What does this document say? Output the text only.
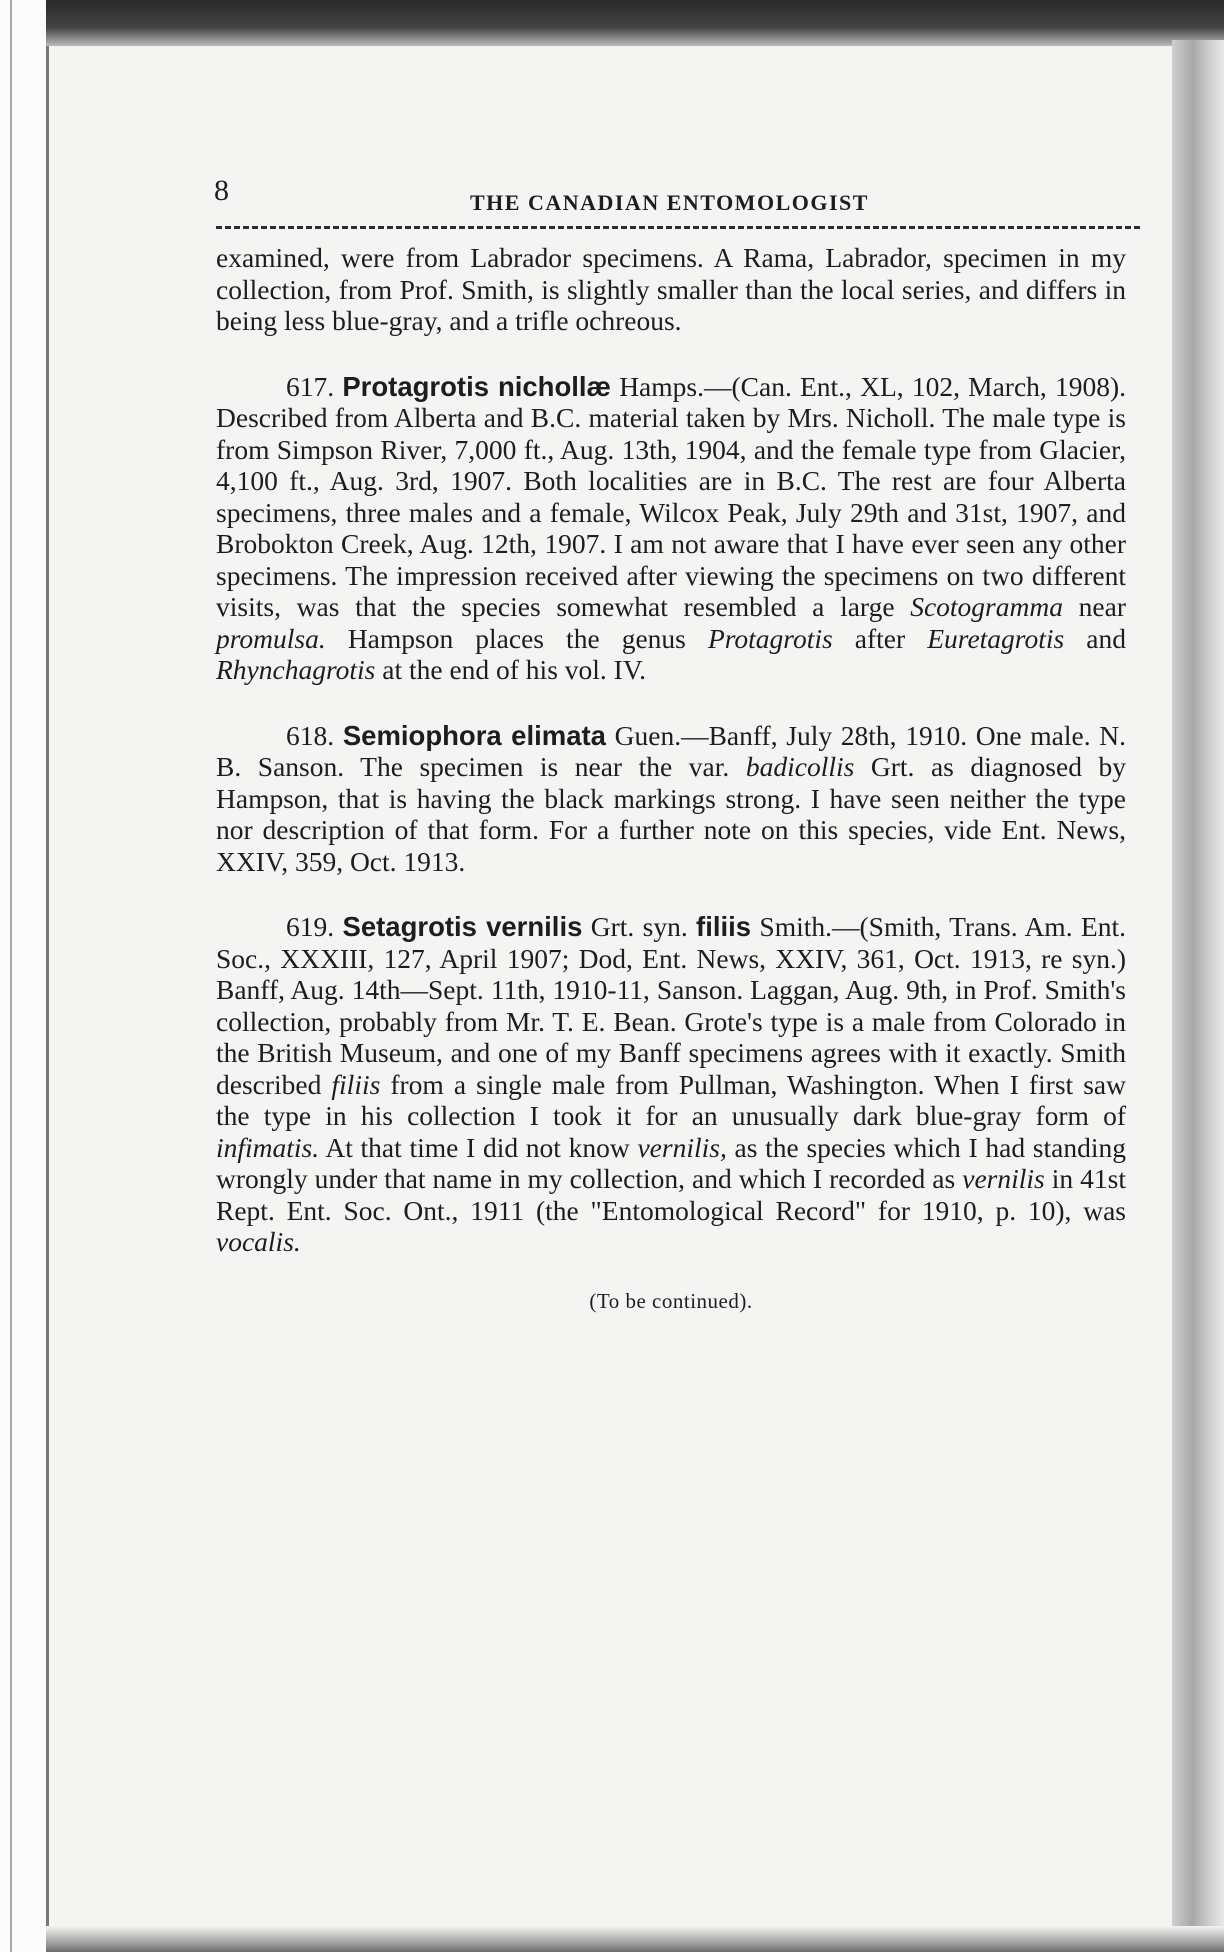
8	THE CANADIAN ENTOMOLOGIST

examined, were from Labrador specimens. A Rama, Labrador, specimen in my collection, from Prof. Smith, is slightly smaller than the local series, and differs in being less blue-gray, and a trifle ochreous.

617. Protagrotis nichollæ Hamps.—(Can. Ent., XL, 102, March, 1908). Described from Alberta and B.C. material taken by Mrs. Nicholl. The male type is from Simpson River, 7,000 ft., Aug. 13th, 1904, and the female type from Glacier, 4,100 ft., Aug. 3rd, 1907. Both localities are in B.C. The rest are four Alberta specimens, three males and a female, Wilcox Peak, July 29th and 31st, 1907, and Brobokton Creek, Aug. 12th, 1907. I am not aware that I have ever seen any other specimens. The impression received after viewing the specimens on two different visits, was that the species somewhat resembled a large Scotogramma near promulsa. Hampson places the genus Protagrotis after Euretagrotis and Rhynchagrotis at the end of his vol. IV.

618. Semiophora elimata Guen.—Banff, July 28th, 1910. One male. N. B. Sanson. The specimen is near the var. badicollis Grt. as diagnosed by Hampson, that is having the black markings strong. I have seen neither the type nor description of that form. For a further note on this species, vide Ent. News, XXIV, 359, Oct. 1913.

619. Setagrotis vernilis Grt. syn. filiis Smith.—(Smith, Trans. Am. Ent. Soc., XXXIII, 127, April 1907; Dod, Ent. News, XXIV, 361, Oct. 1913, re syn.) Banff, Aug. 14th—Sept. 11th, 1910-11, Sanson. Laggan, Aug. 9th, in Prof. Smith's collection, probably from Mr. T. E. Bean. Grote's type is a male from Colorado in the British Museum, and one of my Banff specimens agrees with it exactly. Smith described filiis from a single male from Pullman, Washington. When I first saw the type in his collection I took it for an unusually dark blue-gray form of infimatis. At that time I did not know vernilis, as the species which I had standing wrongly under that name in my collection, and which I recorded as vernilis in 41st Rept. Ent. Soc. Ont., 1911 (the "Entomological Record" for 1910, p. 10), was vocalis.

(To be continued).
